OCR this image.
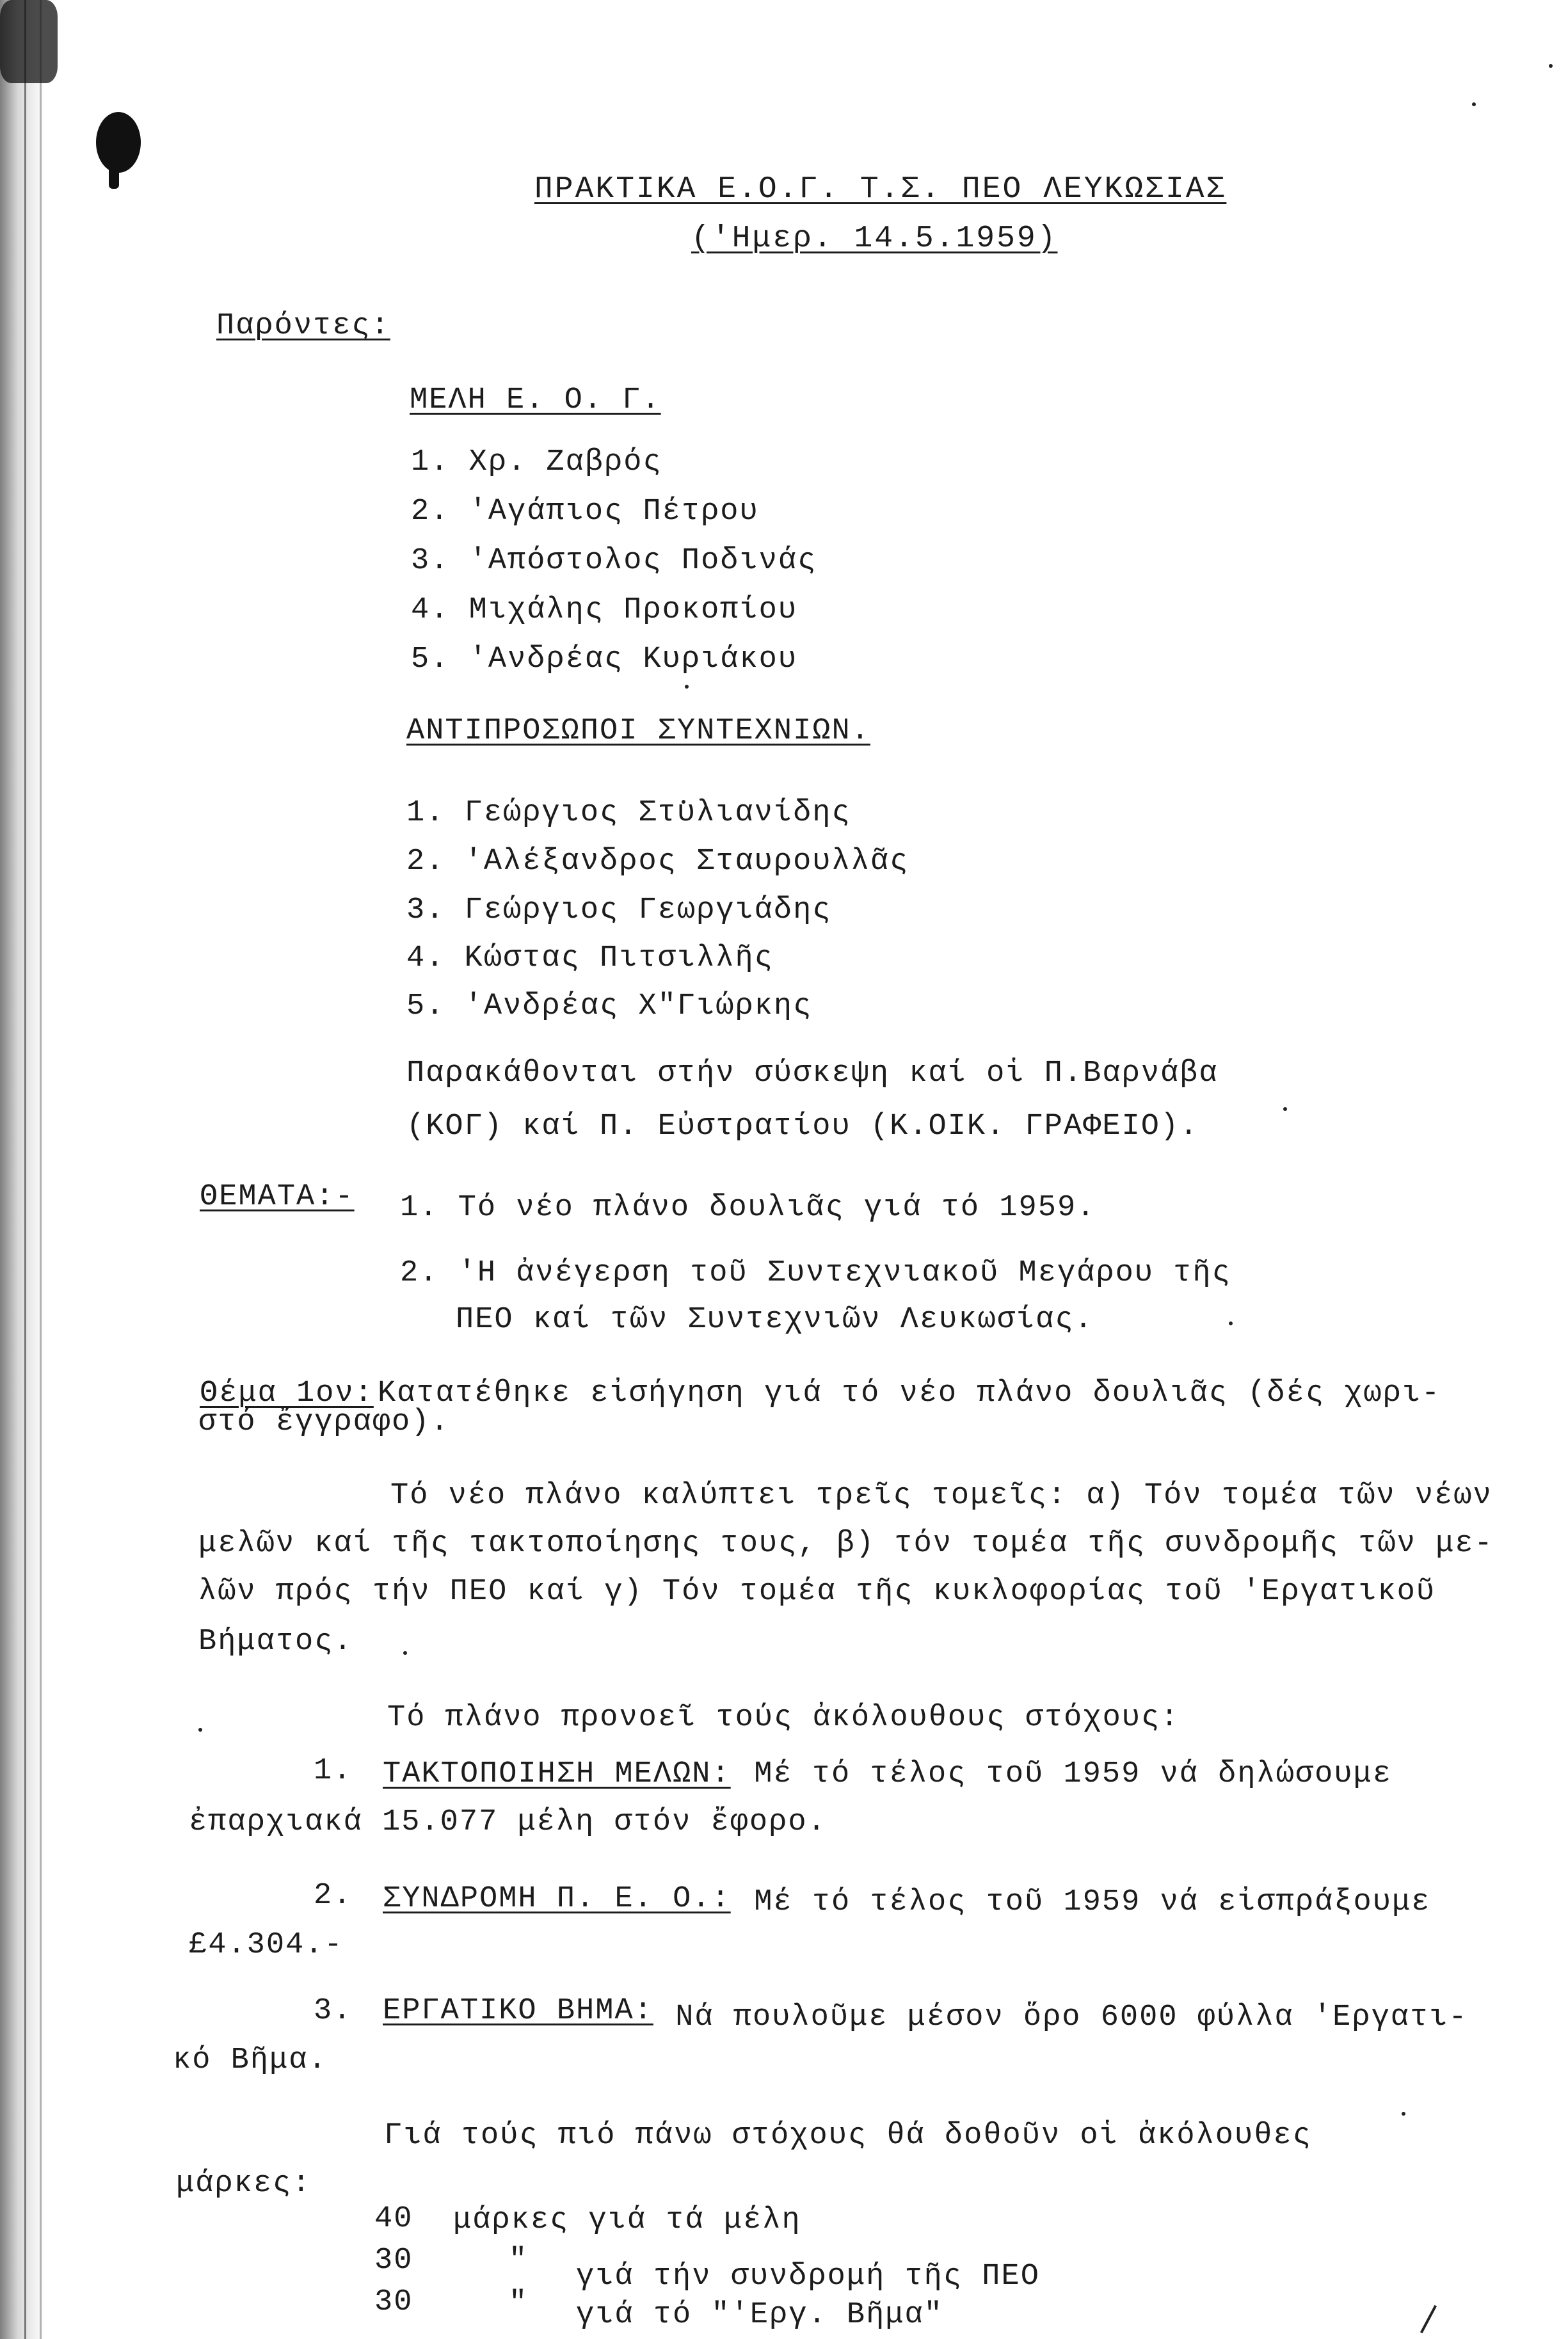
ΠΡΑΚΤΙΚΑ Ε.Ο.Γ. Τ.Σ. ΠΕΟ ΛΕΥΚΩΣΙΑΣ
('Ημερ. 14.5.1959)
Παρόντες:
ΜΕΛΗ Ε. Ο. Γ.
1. Χρ. Ζαβρός
2. 'Αγάπιος Πέτρου
3. 'Απόστολος Ποδινάς
4. Μιχάλης Προκοπίου
5. 'Ανδρέας Κυριάκου
ΑΝΤΙΠΡΟΣΩΠΟΙ ΣΥΝΤΕΧΝΙΩΝ.
1. Γεώργιος Στυλιανίδης
2. 'Αλέξανδρος Σταυρουλλᾶς
3. Γεώργιος Γεωργιάδης
4. Κώστας Πιτσιλλῆς
5. 'Ανδρέας Χ"Γιώρκης
Παρακάθονται στήν σύσκεψη καί οἱ Π.Βαρνάβα
(ΚΟΓ) καί Π. Εὐστρατίου (Κ.ΟΙΚ. ΓΡΑΦΕΙΟ).
ΘΕΜΑΤΑ:- 1. Τό νέο πλάνο δουλιᾶς γιά τό 1959.
2. 'Η ἀνέγερση τοῦ Συντεχνιακοῦ Μεγάρου τῆς
ΠΕΟ καί τῶν Συντεχνιῶν Λευκωσίας.
Θέμα 1ον: Κατατέθηκε εἰσήγηση γιά τό νέο πλάνο δουλιᾶς (δές χωρι-
στό ἔγγραφο).
Τό νέο πλάνο καλύπτει τρεῖς τομεῖς: α) Τόν τομέα τῶν νέων
μελῶν καί τῆς τακτοποίησης τους, β) τόν τομέα τῆς συνδρομῆς τῶν με-
λῶν πρός τήν ΠΕΟ καί γ) Τόν τομέα τῆς κυκλοφορίας τοῦ 'Εργατικοῦ
Βήματος.
Τό πλάνο προνοεῖ τούς ἀκόλουθους στόχους:
1. ΤΑΚΤΟΠΟΙΗΣΗ ΜΕΛΩΝ: Μέ τό τέλος τοῦ 1959 νά δηλώσουμε
ἐπαρχιακά 15.077 μέλη στόν ἔφορο.
2. ΣΥΝΔΡΟΜΗ Π. Ε. Ο.: Μέ τό τέλος τοῦ 1959 νά εἰσπράξουμε
£4.304.-
3. ΕΡΓΑΤΙΚΟ ΒΗΜΑ: Νά πουλοῦμε μέσον ὅρο 6000 φύλλα 'Εργατι-
κό Βῆμα.
Γιά τούς πιό πάνω στόχους θά δοθοῦν οἱ ἀκόλουθες
μάρκες:
40 μάρκες γιά τά μέλη
30	" γιά τήν συνδρομή τῆς ΠΕΟ
30	" γιά τό "'Εργ. Βῆμα"
